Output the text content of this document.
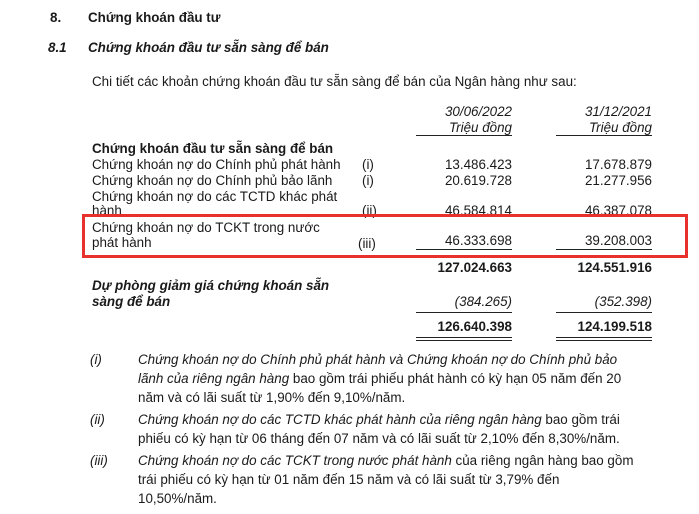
8. Chứng khoán đầu tư
8.1 Chứng khoán đầu tư sẵn sàng để bán
Chi tiết các khoản chứng khoán đầu tư sẵn sàng để bán của Ngân hàng như sau:
30/06/2022
Triệu đồng
31/12/2021
Triệu đồng
Chứng khoán đầu tư sẵn sàng để bán
Chứng khoán nợ do Chính phủ phát hành (i)	13.486.423	17.678.879
Chứng khoán nợ do Chính phủ bảo lãnh (i)	20.619.728	21.277.956
Chứng khoán nợ do các TCTD khác phát
hành	(ii)	46.584.814	46.387.078
Chứng khoán nợ do TCKT trong nước
phát hành	(iii)	46.333.698	39.208.003
127.024.663	124.551.916
Dự phòng giảm giá chứng khoán sẵn
sàng để bán	(384.265)	(352.398)
126.640.398	124.199.518
(i)	Chứng khoán nợ do Chính phủ phát hành và Chứng khoán nợ do Chính phủ bảo lãnh của riêng ngân hàng bao gồm trái phiếu phát hành có kỳ hạn 05 năm đến 20 năm và có lãi suất từ 1,90% đến 9,10%/năm.
(ii) Chứng khoán nợ do các TCTD khác phát hành của riêng ngân hàng bao gồm trái phiếu có kỳ hạn từ 06 tháng đến 07 năm và có lãi suất từ 2,10% đến 8,30%/năm.
(iii) Chứng khoán nợ do các TCKT trong nước phát hành của riêng ngân hàng bao gồm trái phiếu có kỳ hạn từ 01 năm đến 15 năm và có lãi suất từ 3,79% đến 10,50%/năm.
